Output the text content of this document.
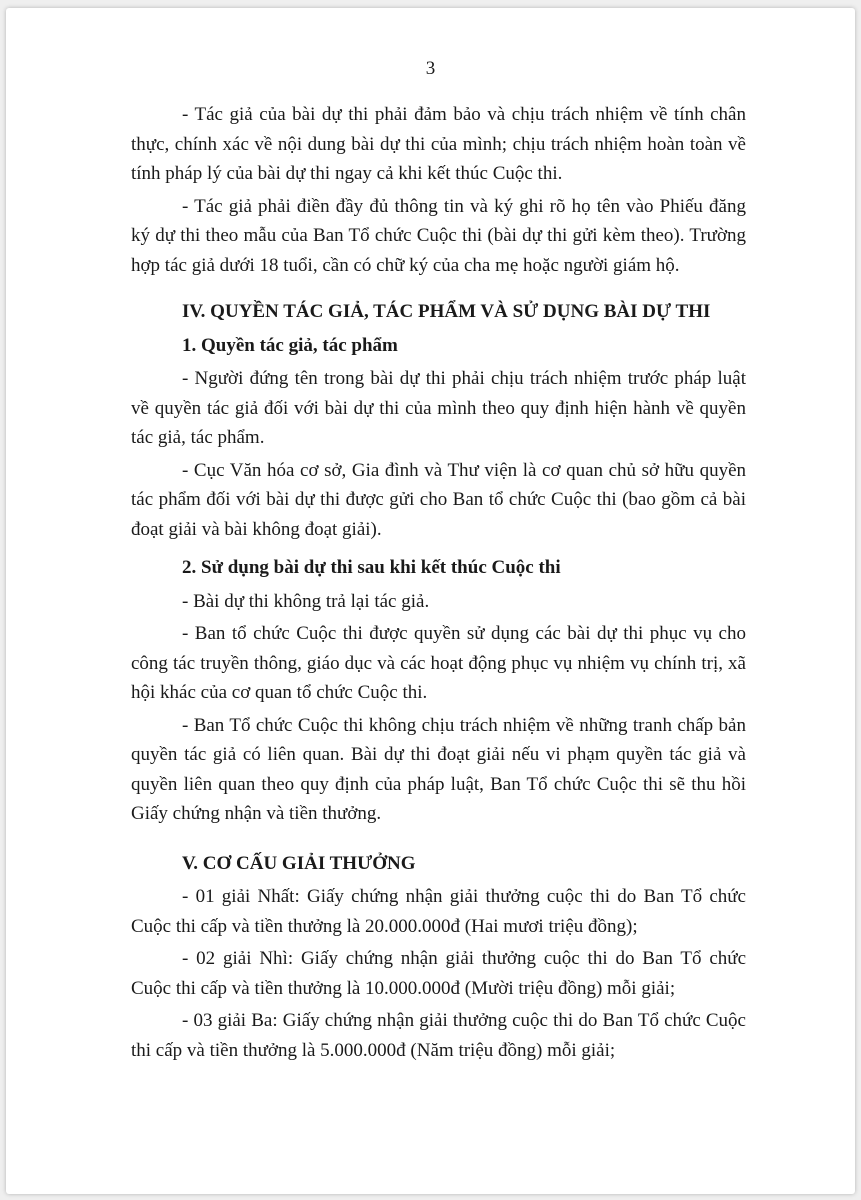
3

- Tác giả của bài dự thi phải đảm bảo và chịu trách nhiệm về tính chân thực, chính xác về nội dung bài dự thi của mình; chịu trách nhiệm hoàn toàn về tính pháp lý của bài dự thi ngay cả khi kết thúc Cuộc thi.

- Tác giả phải điền đầy đủ thông tin và ký ghi rõ họ tên vào Phiếu đăng ký dự thi theo mẫu của Ban Tổ chức Cuộc thi (bài dự thi gửi kèm theo). Trường hợp tác giả dưới 18 tuổi, cần có chữ ký của cha mẹ hoặc người giám hộ.

IV. QUYỀN TÁC GIẢ, TÁC PHẨM VÀ SỬ DỤNG BÀI DỰ THI
1. Quyền tác giả, tác phẩm

- Người đứng tên trong bài dự thi phải chịu trách nhiệm trước pháp luật về quyền tác giả đối với bài dự thi của mình theo quy định hiện hành về quyền tác giả, tác phẩm.

- Cục Văn hóa cơ sở, Gia đình và Thư viện là cơ quan chủ sở hữu quyền tác phẩm đối với bài dự thi được gửi cho Ban tổ chức Cuộc thi (bao gồm cả bài đoạt giải và bài không đoạt giải).

2. Sử dụng bài dự thi sau khi kết thúc Cuộc thi

- Bài dự thi không trả lại tác giả.

- Ban tổ chức Cuộc thi được quyền sử dụng các bài dự thi phục vụ cho công tác truyền thông, giáo dục và các hoạt động phục vụ nhiệm vụ chính trị, xã hội khác của cơ quan tổ chức Cuộc thi.

- Ban Tổ chức Cuộc thi không chịu trách nhiệm về những tranh chấp bản quyền tác giả có liên quan. Bài dự thi đoạt giải nếu vi phạm quyền tác giả và quyền liên quan theo quy định của pháp luật, Ban Tổ chức Cuộc thi sẽ thu hồi Giấy chứng nhận và tiền thưởng.

V. CƠ CẤU GIẢI THƯỞNG

- 01 giải Nhất: Giấy chứng nhận giải thưởng cuộc thi do Ban Tổ chức Cuộc thi cấp và tiền thưởng là 20.000.000đ (Hai mươi triệu đồng);

- 02 giải Nhì: Giấy chứng nhận giải thưởng cuộc thi do Ban Tổ chức Cuộc thi cấp và tiền thưởng là 10.000.000đ (Mười triệu đồng) mỗi giải;

- 03 giải Ba: Giấy chứng nhận giải thưởng cuộc thi do Ban Tổ chức Cuộc thi cấp và tiền thưởng là 5.000.000đ (Năm triệu đồng) mỗi giải;
